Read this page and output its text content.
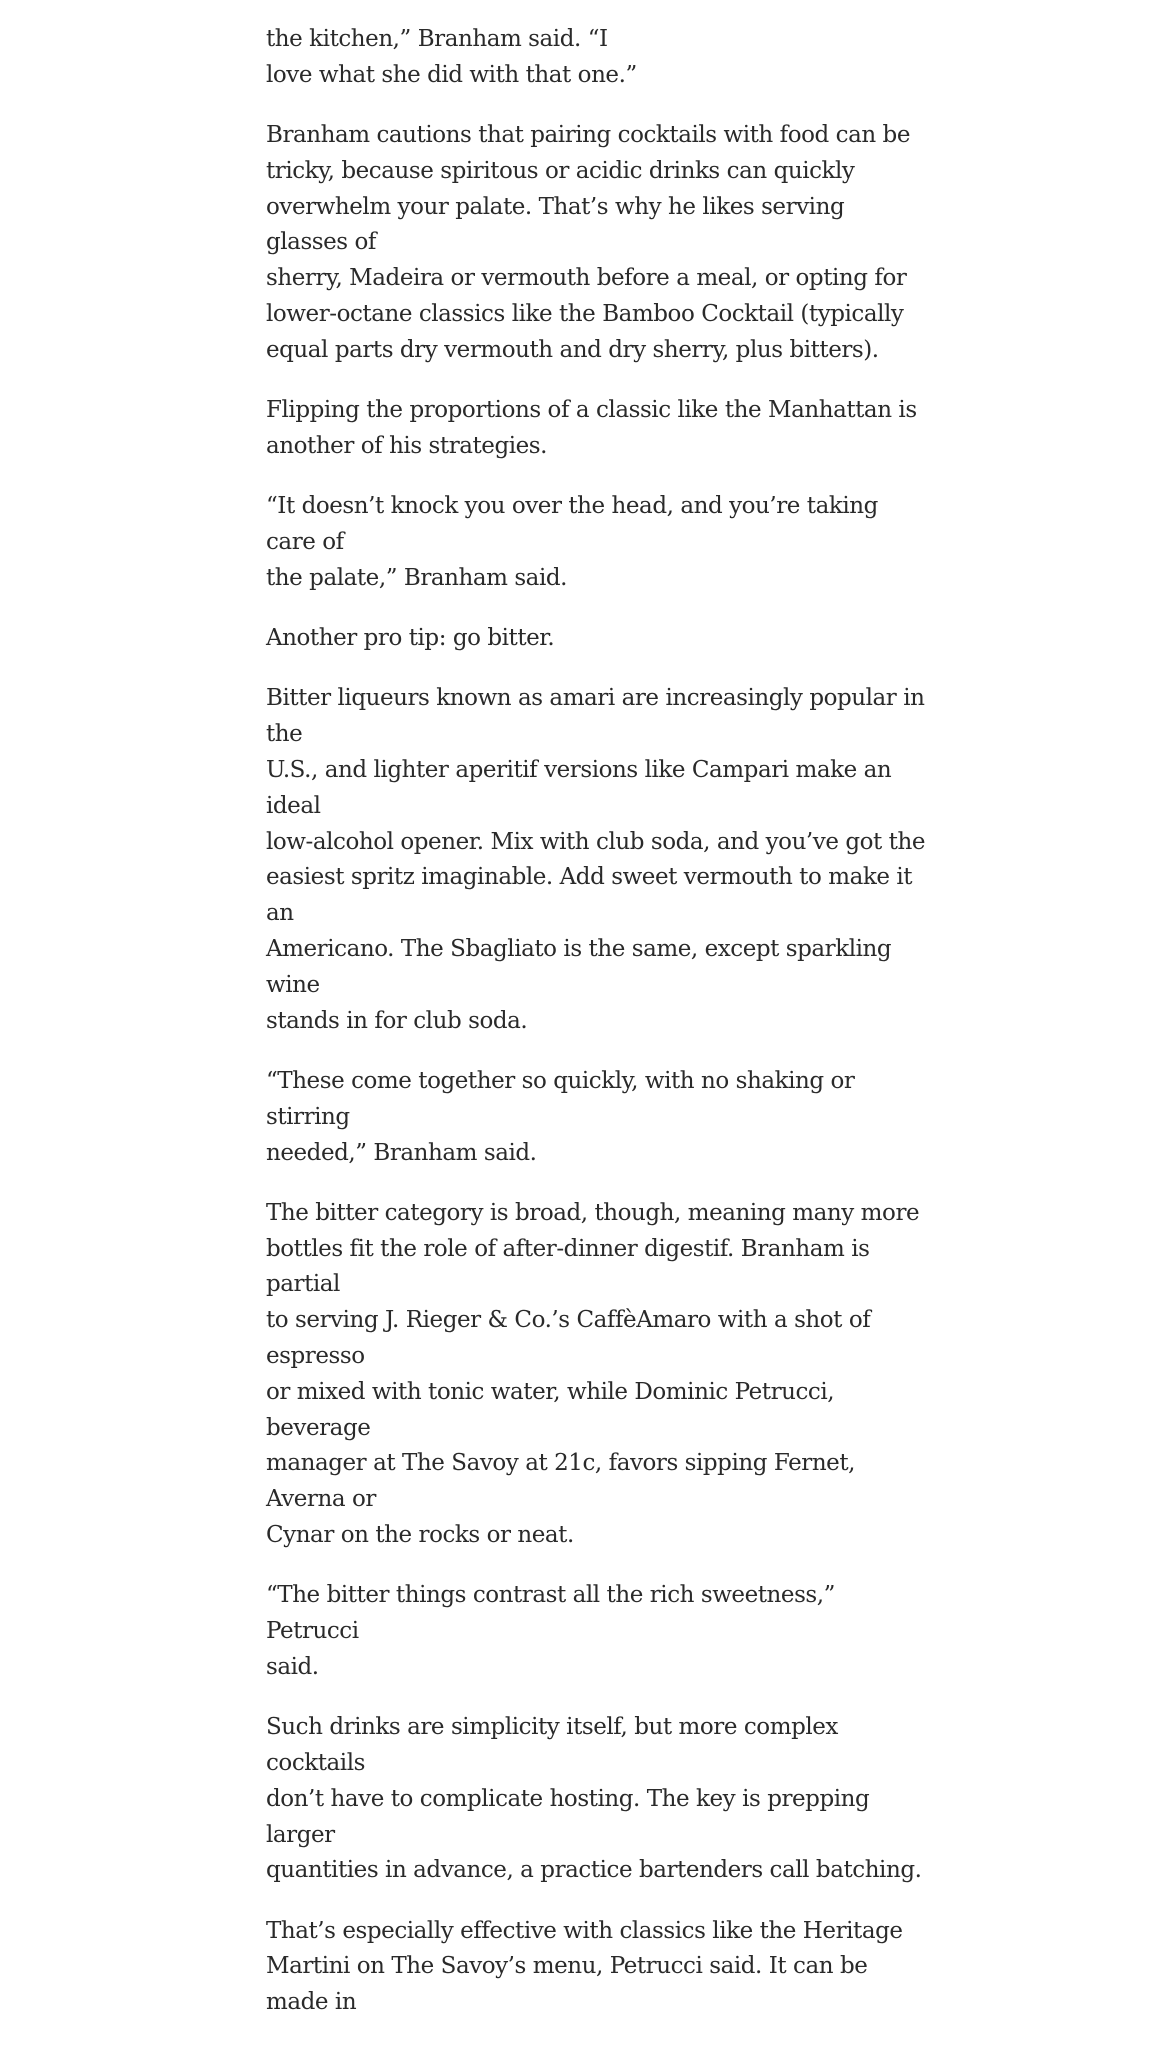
the kitchen,” Branham said. “I
love what she did with that one.”

Branham cautions that pairing cocktails with food can be
tricky, because spiritous or acidic drinks can quickly
overwhelm your palate. That’s why he likes serving glasses of
sherry, Madeira or vermouth before a meal, or opting for
lower-octane classics like the Bamboo Cocktail (typically
equal parts dry vermouth and dry sherry, plus bitters).

Flipping the proportions of a classic like the Manhattan is
another of his strategies.

“It doesn’t knock you over the head, and you’re taking care of
the palate,” Branham said.

Another pro tip: go bitter.

Bitter liqueurs known as amari are increasingly popular in the
U.S., and lighter aperitif versions like Campari make an ideal
low-alcohol opener. Mix with club soda, and you’ve got the
easiest spritz imaginable. Add sweet vermouth to make it an
Americano. The Sbagliato is the same, except sparkling wine
stands in for club soda.

“These come together so quickly, with no shaking or stirring
needed,” Branham said.

The bitter category is broad, though, meaning many more
bottles fit the role of after-dinner digestif. Branham is partial
to serving J. Rieger & Co.’s CaffèAmaro with a shot of espresso
or mixed with tonic water, while Dominic Petrucci, beverage
manager at The Savoy at 21c, favors sipping Fernet, Averna or
Cynar on the rocks or neat.

“The bitter things contrast all the rich sweetness,” Petrucci
said.

Such drinks are simplicity itself, but more complex cocktails
don’t have to complicate hosting. The key is prepping larger
quantities in advance, a practice bartenders call batching.

That’s especially effective with classics like the Heritage
Martini on The Savoy’s menu, Petrucci said. It can be made in
